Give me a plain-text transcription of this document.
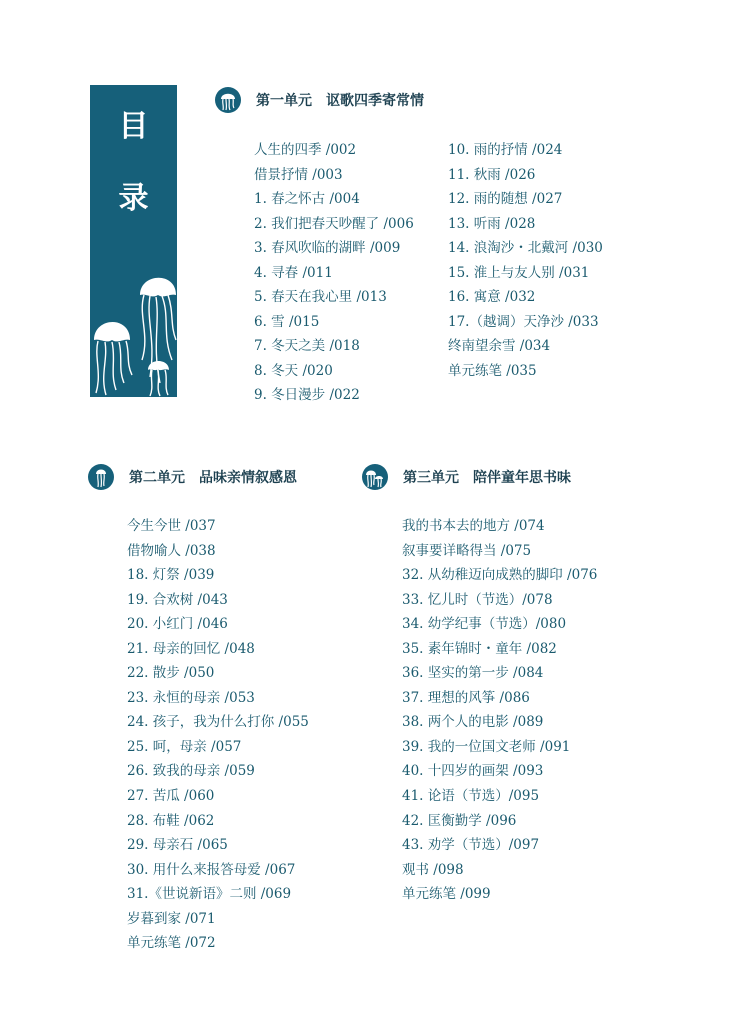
目
录
第一单元 讴歌四季寄常情
人生的四季 /002
借景抒情 /003
1. 春之怀古 /004
2. 我们把春天吵醒了 /006
3. 春风吹临的湖畔 /009
4. 寻春 /011
5. 春天在我心里 /013
6. 雪 /015
7. 冬天之美 /018
8. 冬天 /020
9. 冬日漫步 /022
10. 雨的抒情 /024
11. 秋雨 /026
12. 雨的随想 /027
13. 听雨 /028
14. 浪淘沙・北戴河 /030
15. 淮上与友人别 /031
16. 寓意 /032
17.（越调）天净沙 /033
终南望余雪 /034
单元练笔 /035
第二单元 品味亲情叙感恩
今生今世 /037
借物喻人 /038
18. 灯祭 /039
19. 合欢树 /043
20. 小红门 /046
21. 母亲的回忆 /048
22. 散步 /050
23. 永恒的母亲 /053
24. 孩子，我为什么打你 /055
25. 呵，母亲 /057
26. 致我的母亲 /059
27. 苦瓜 /060
28. 布鞋 /062
29. 母亲石 /065
30. 用什么来报答母爱 /067
31.《世说新语》二则 /069
岁暮到家 /071
单元练笔 /072
第三单元 陪伴童年思书味
我的书本去的地方 /074
叙事要详略得当 /075
32. 从幼稚迈向成熟的脚印 /076
33. 忆儿时（节选）/078
34. 幼学纪事（节选）/080
35. 素年锦时・童年 /082
36. 坚实的第一步 /084
37. 理想的风筝 /086
38. 两个人的电影 /089
39. 我的一位国文老师 /091
40. 十四岁的画架 /093
41. 论语（节选）/095
42. 匡衡勤学 /096
43. 劝学（节选）/097
观书 /098
单元练笔 /099
